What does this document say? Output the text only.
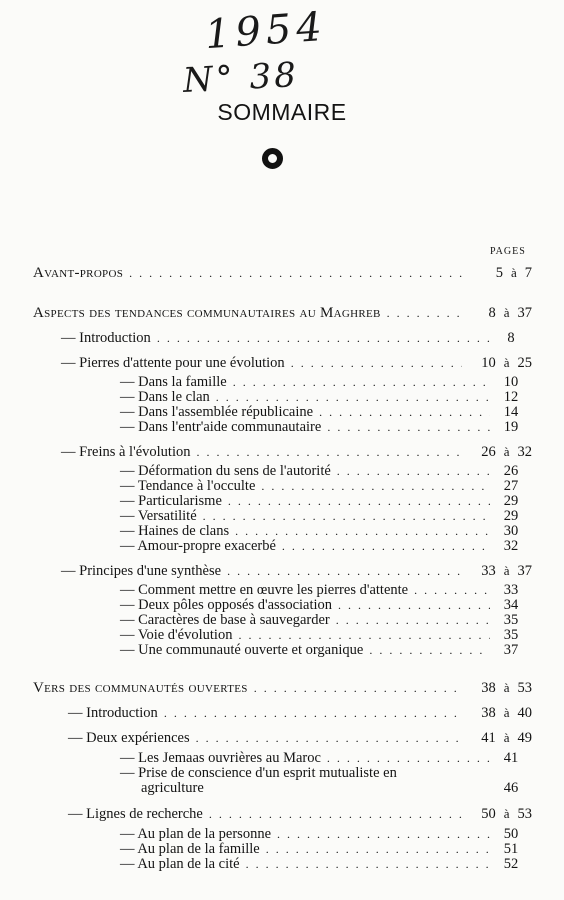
1954
N° 38
SOMMAIRE
PAGES
Avant-propos . . .	5 à 7
Aspects des tendances communautaires au Maghreb . . .	8 à 37
— Introduction . . .	8
— Pierres d'attente pour une évolution . . .	10 à 25
— Dans la famille . . .	10
— Dans le clan . . .	12
— Dans l'assemblée républicaine . . .	14
— Dans l'entr'aide communautaire . . .	19
— Freins à l'évolution . . .	26 à 32
— Déformation du sens de l'autorité . . .	26
— Tendance à l'occulte . . .	27
— Particularisme . . .	29
— Versatilité . . .	29
— Haines de clans . . .	30
— Amour-propre exacerbé . . .	32
— Principes d'une synthèse . . .	33 à 37
— Comment mettre en œuvre les pierres d'attente . . .	33
— Deux pôles opposés d'association . . .	34
— Caractères de base à sauvegarder . . .	35
— Voie d'évolution . . .	35
— Une communauté ouverte et organique . . .	37
Vers des communautés ouvertes . . .	38 à 53
— Introduction . . .	38 à 40
— Deux expériences . . .	41 à 49
— Les Jemaas ouvrières au Maroc . . .	41
— Prise de conscience d'un esprit mutualiste en
agriculture	46
— Lignes de recherche . . .	50 à 53
— Au plan de la personne . . .	50
— Au plan de la famille . . .	51
— Au plan de la cité . . .	52
